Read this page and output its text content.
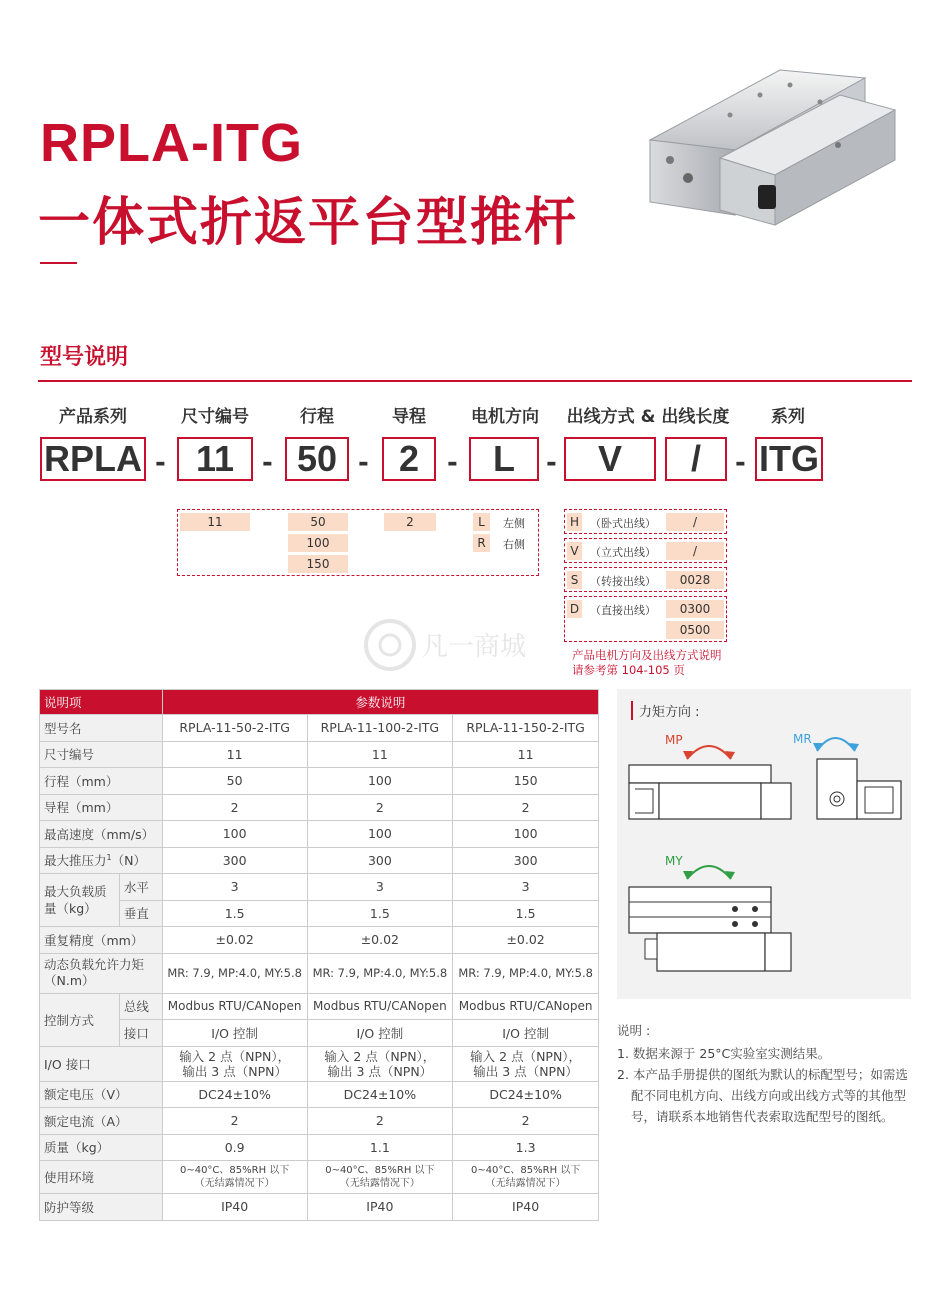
RPLA-ITG
一体式折返平台型推杆
型号说明
产品系列	尺寸编号	行程	导程	电机方向	出线方式 & 出线长度	系列
RPLA - 11	- 50 - 2	- L	-	V	/	- ITG
11	50
100
150
2	L	左侧
R	右侧
H （卧式出线）	/
V	（立式出线）	/
S	（转接出线）	0028
D （直接出线）	0300
0500
产品电机方向及出线方式说明
请参考第 104-105 页
凡一商城
说明项		参数说明		
型号名		RPLA-11-50-2-ITG	RPLA-11-100-2-ITG	RPLA-11-150-2-ITG
尺寸编号		11	11	11
行程（mm）		50	100	150
导程（mm）		2	2	2
最高速度（mm/s）		100	100	100
最大推压力$^1$（N）		300	300	300
最大负载质量（kg）	水平	3	3	3
	垂直	1.5	1.5	1.5
重复精度（mm）		±0.02	±0.02	±0.02
动态负载允许力矩（N.m）		MR: 7.9, MP:4.0, MY:5.8	MR: 7.9, MP:4.0, MY:5.8	MR: 7.9, MP:4.0, MY:5.8
控制方式	总线	Modbus RTU/CANopen	Modbus RTU/CANopen	Modbus RTU/CANopen
	接口	I/O 控制	I/O 控制	I/O 控制
I/O 接口		输入 2 点（NPN），
输出 3 点（NPN）	输入 2 点（NPN），
输出 3 点（NPN）	输入 2 点（NPN），
输出 3 点（NPN）
额定电压（V）		DC24±10%	DC24±10%	DC24±10%
额定电流（A）		2	2	2
质量（kg）		0.9	1.1	1.3
使用环境		0~40°C、85%RH 以下
（无结露情况下）	0~40°C、85%RH 以下
（无结露情况下）	0~40°C、85%RH 以下
（无结露情况下）
防护等级		IP40	IP40	IP40
力矩方向 :
MP	MR
MY
说明 :
1. 数据来源于 25°C实验室实测结果。
2. 本产品手册提供的图纸为默认的标配型号；如需选配不同电机方向、出线方向或出线方式等的其他型号，请联系本地销售代表索取选配型号的图纸。
